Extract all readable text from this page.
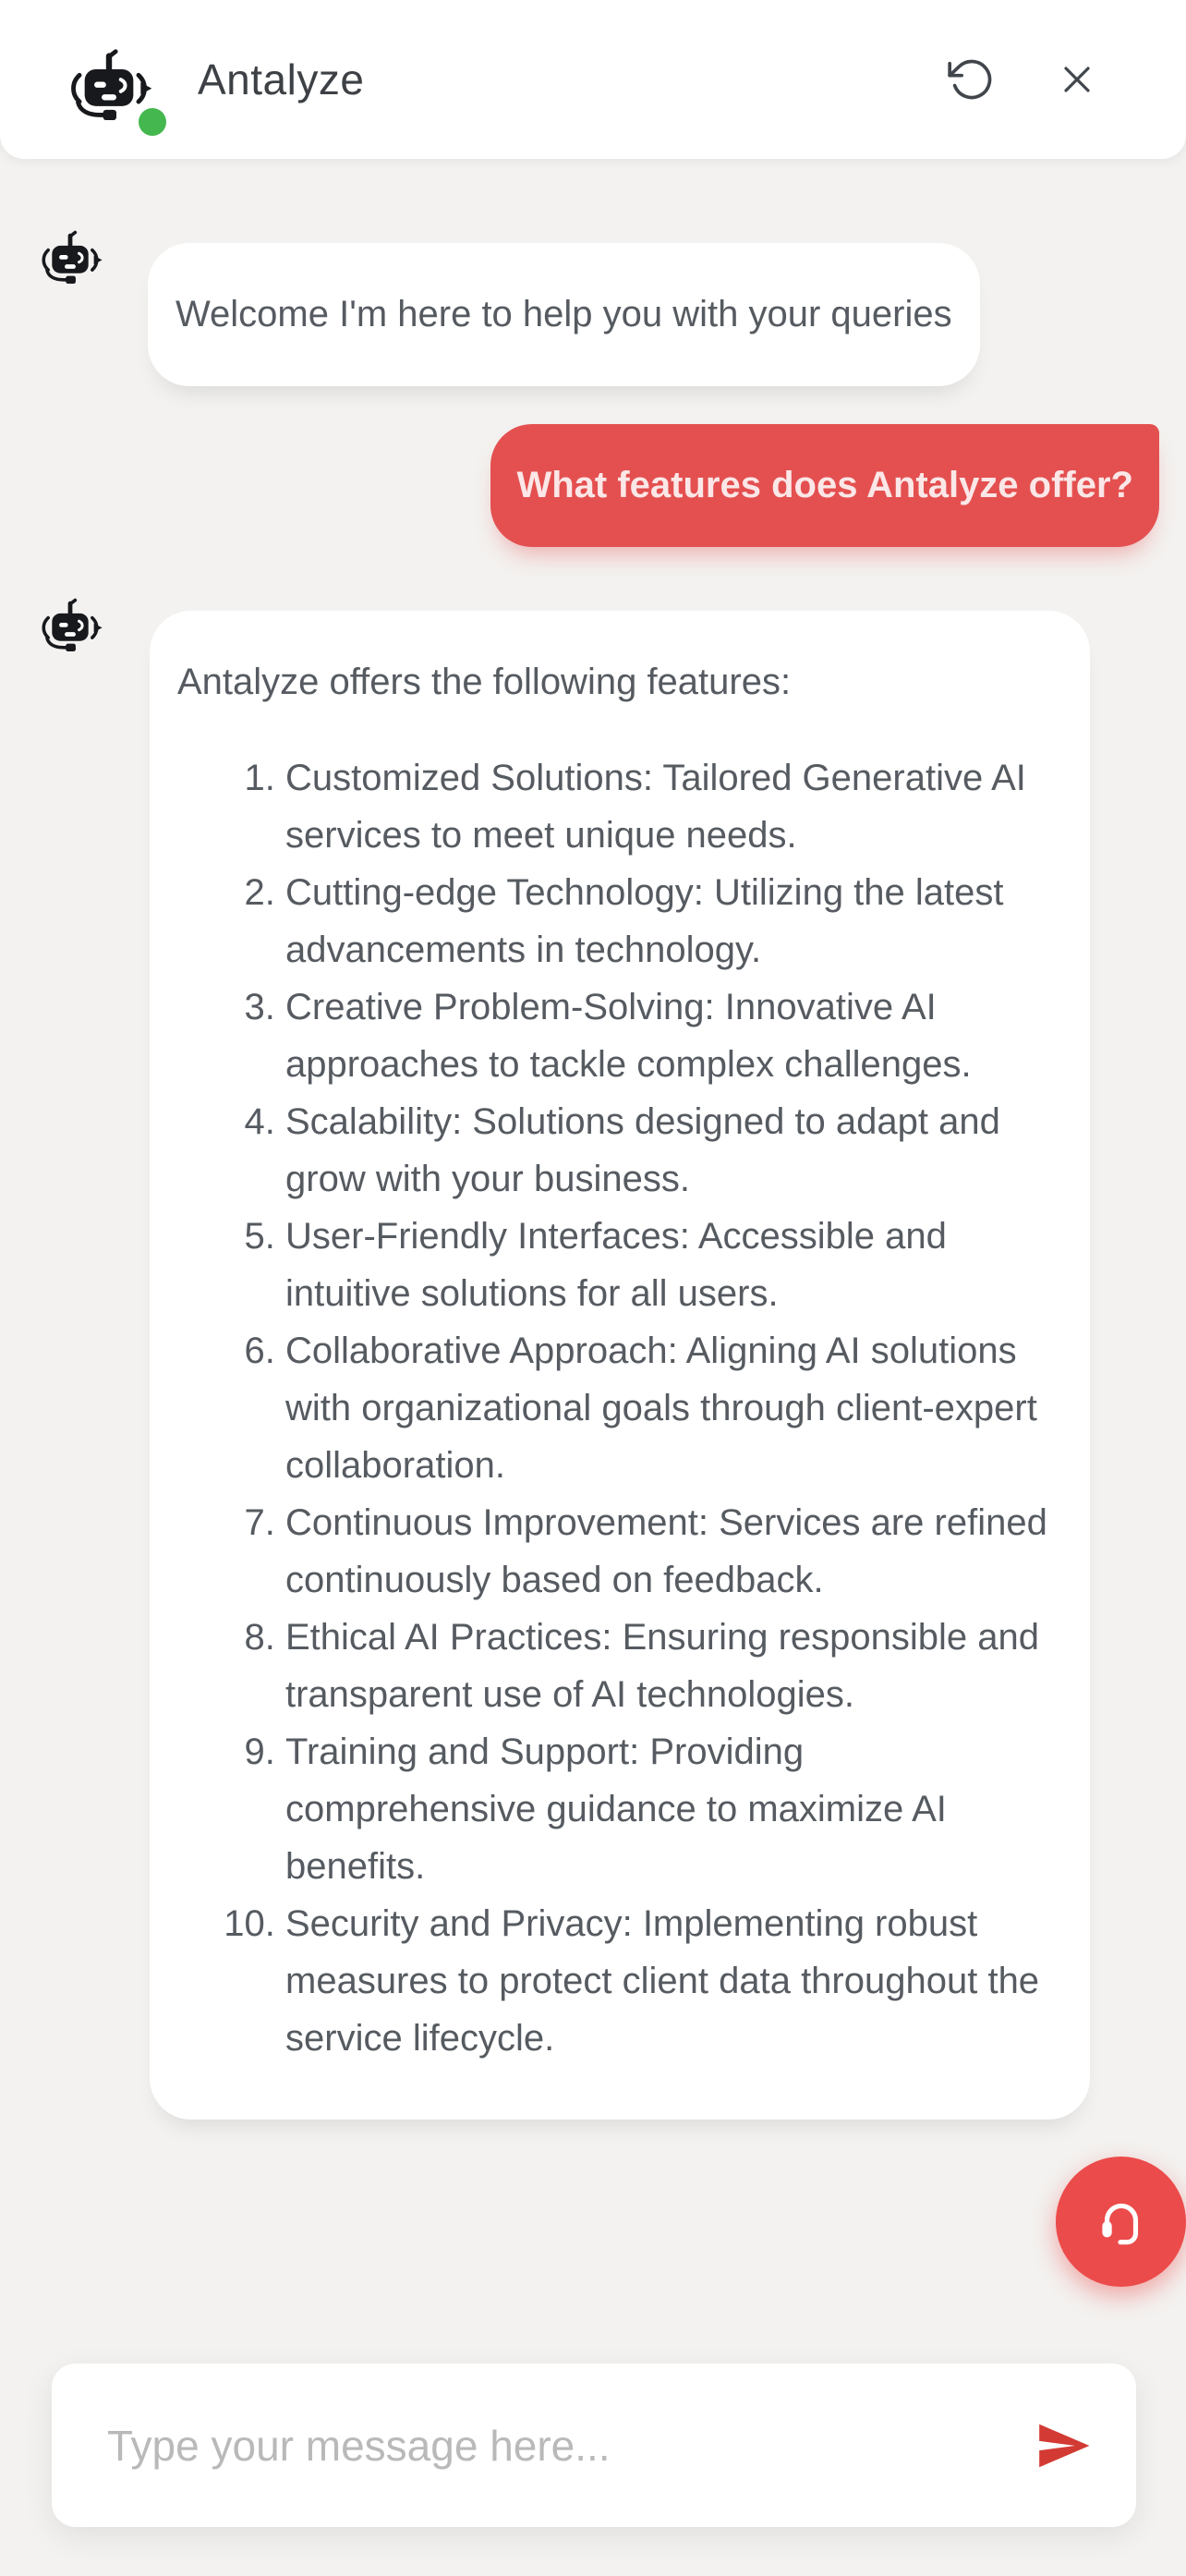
Antalyze
Welcome I'm here to help you with your queries
What features does Antalyze offer?

Antalyze offers the following features:

1. Customized Solutions: Tailored Generative AI services to meet unique needs.
2. Cutting-edge Technology: Utilizing the latest advancements in technology.
3. Creative Problem-Solving: Innovative AI approaches to tackle complex challenges.
4. Scalability: Solutions designed to adapt and grow with your business.
5. User-Friendly Interfaces: Accessible and intuitive solutions for all users.
6. Collaborative Approach: Aligning AI solutions with organizational goals through client-expert collaboration.
7. Continuous Improvement: Services are refined continuously based on feedback.
8. Ethical AI Practices: Ensuring responsible and transparent use of AI technologies.
9. Training and Support: Providing comprehensive guidance to maximize AI benefits.
10. Security and Privacy: Implementing robust measures to protect client data throughout the service lifecycle.
Type your message here...
